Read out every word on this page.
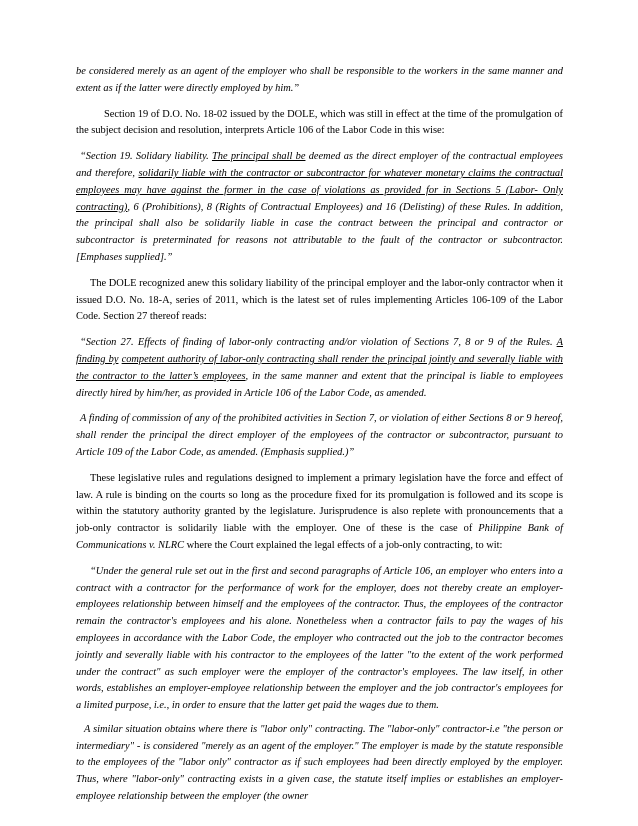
be considered merely as an agent of the employer who shall be responsible to the workers in the same manner and extent as if the latter were directly employed by him.”

Section 19 of D.O. No. 18-02 issued by the DOLE, which was still in effect at the time of the promulgation of the subject decision and resolution, interprets Article 106 of the Labor Code in this wise:

“Section 19. Solidary liability. The principal shall be deemed as the direct employer of the contractual employees and therefore, solidarily liable with the contractor or subcontractor for whatever monetary claims the contractual employees may have against the former in the case of violations as provided for in Sections 5 (Labor- Only contracting), 6 (Prohibitions), 8 (Rights of Contractual Employees) and 16 (Delisting) of these Rules. In addition, the principal shall also be solidarily liable in case the contract between the principal and contractor or subcontractor is preterminated for reasons not attributable to the fault of the contractor or subcontractor. [Emphases supplied].”

The DOLE recognized anew this solidary liability of the principal employer and the labor-only contractor when it issued D.O. No. 18-A, series of 2011, which is the latest set of rules implementing Articles 106-109 of the Labor Code. Section 27 thereof reads:

“Section 27. Effects of finding of labor-only contracting and/or violation of Sections 7, 8 or 9 of the Rules. A finding by competent authority of labor-only contracting shall render the principal jointly and severally liable with the contractor to the latter’s employees, in the same manner and extent that the principal is liable to employees directly hired by him/her, as provided in Article 106 of the Labor Code, as amended.

A finding of commission of any of the prohibited activities in Section 7, or violation of either Sections 8 or 9 hereof, shall render the principal the direct employer of the employees of the contractor or subcontractor, pursuant to Article 109 of the Labor Code, as amended. (Emphasis supplied.)”

These legislative rules and regulations designed to implement a primary legislation have the force and effect of law. A rule is binding on the courts so long as the procedure fixed for its promulgation is followed and its scope is within the statutory authority granted by the legislature. Jurisprudence is also replete with pronouncements that a job-only contractor is solidarily liable with the employer. One of these is the case of Philippine Bank of Communications v. NLRC where the Court explained the legal effects of a job-only contracting, to wit:

“Under the general rule set out in the first and second paragraphs of Article 106, an employer who enters into a contract with a contractor for the performance of work for the employer, does not thereby create an employer-employees relationship between himself and the employees of the contractor. Thus, the employees of the contractor remain the contractor's employees and his alone. Nonetheless when a contractor fails to pay the wages of his employees in accordance with the Labor Code, the employer who contracted out the job to the contractor becomes jointly and severally liable with his contractor to the employees of the latter "to the extent of the work performed under the contract" as such employer were the employer of the contractor's employees. The law itself, in other words, establishes an employer-employee relationship between the employer and the job contractor's employees for a limited purpose, i.e., in order to ensure that the latter get paid the wages due to them.

A similar situation obtains where there is "labor only" contracting. The "labor-only" contractor-i.e "the person or intermediary" - is considered "merely as an agent of the employer." The employer is made by the statute responsible to the employees of the "labor only" contractor as if such employees had been directly employed by the employer. Thus, where "labor-only" contracting exists in a given case, the statute itself implies or establishes an employer-employee relationship between the employer (the owner
